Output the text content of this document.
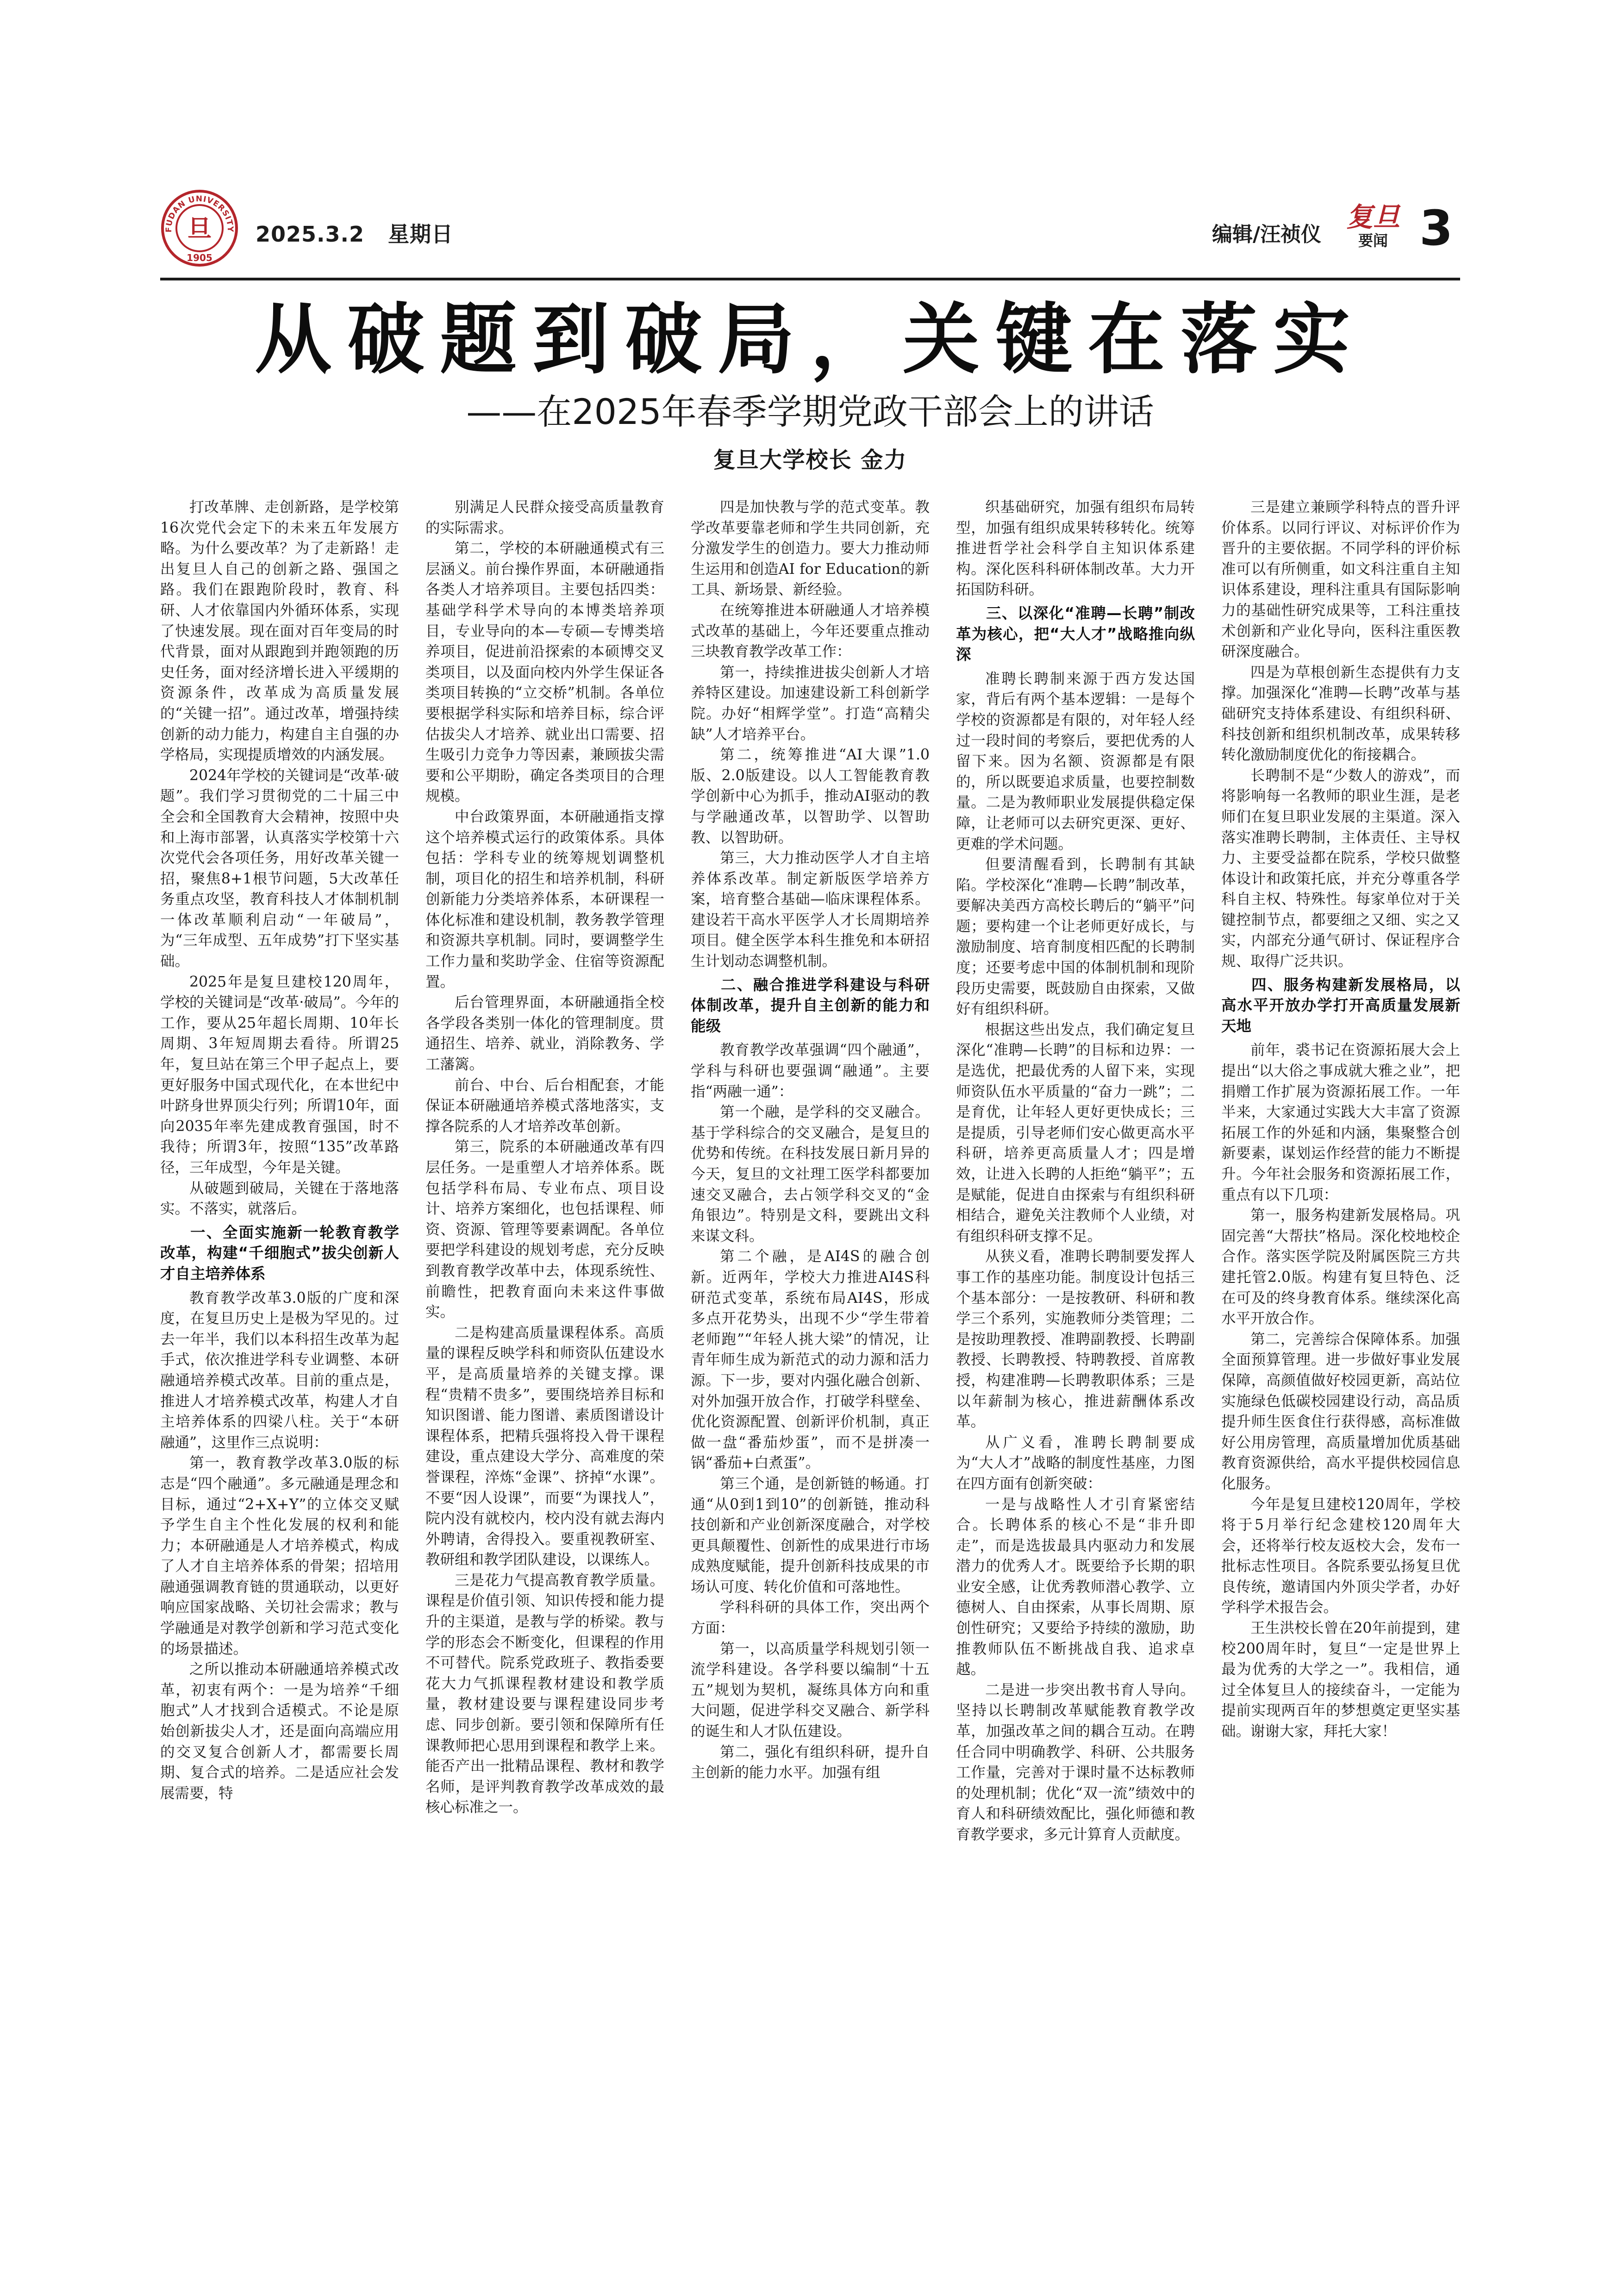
FUDAN UNIVERSITY
旦
1905
2025.3.2 星期日	编辑/汪祯仪
复旦
要闻 3
从破题到破局，关键在落实
——在2025年春季学期党政干部会上的讲话
复旦大学校长 金力

打改革牌、走创新路，是学校第16次党代会定下的未来五年发展方略。为什么要改革？为了走新路！走出复旦人自己的创新之路、强国之路。我们在跟跑阶段时，教育、科研、人才依靠国内外循环体系，实现了快速发展。现在面对百年变局的时代背景，面对从跟跑到并跑领跑的历史任务，面对经济增长进入平缓期的资源条件，改革成为高质量发展的“关键一招”。通过改革，增强持续创新的动力能力，构建自主自强的办学格局，实现提质增效的内涵发展。

2024年学校的关键词是“改革·破题”。我们学习贯彻党的二十届三中全会和全国教育大会精神，按照中央和上海市部署，认真落实学校第十六次党代会各项任务，用好改革关键一招，聚焦8+1根节问题，5大改革任务重点攻坚，教育科技人才体制机制一体改革顺利启动“一年破局”，为“三年成型、五年成势”打下坚实基础。

2025年是复旦建校120周年，学校的关键词是“改革·破局”。今年的工作，要从25年超长周期、10年长周期、3年短周期去看待。所谓25年，复旦站在第三个甲子起点上，要更好服务中国式现代化，在本世纪中叶跻身世界顶尖行列；所谓10年，面向2035年率先建成教育强国，时不我待；所谓3年，按照“135”改革路径，三年成型，今年是关键。

从破题到破局，关键在于落地落实。不落实，就落后。

一、全面实施新一轮教育教学改革，构建“千细胞式”拔尖创新人才自主培养体系

教育教学改革3.0版的广度和深度，在复旦历史上是极为罕见的。过去一年半，我们以本科招生改革为起手式，依次推进学科专业调整、本研融通培养模式改革。目前的重点是，推进人才培养模式改革，构建人才自主培养体系的四梁八柱。关于“本研融通”，这里作三点说明：

第一，教育教学改革3.0版的标志是“四个融通”。多元融通是理念和目标，通过“2+X+Y”的立体交叉赋予学生自主个性化发展的权利和能力；本研融通是人才培养模式，构成了人才自主培养体系的骨架；招培用融通强调教育链的贯通联动，以更好响应国家战略、关切社会需求；教与学融通是对教学创新和学习范式变化的场景描述。

之所以推动本研融通培养模式改革，初衷有两个：一是为培养“千细胞式”人才找到合适模式。不论是原始创新拔尖人才，还是面向高端应用的交叉复合创新人才，都需要长周期、复合式的培养。二是适应社会发展需要，特

别满足人民群众接受高质量教育的实际需求。

第二，学校的本研融通模式有三层涵义。前台操作界面，本研融通指各类人才培养项目。主要包括四类：基础学科学术导向的本博类培养项目，专业导向的本—专硕—专博类培养项目，促进前沿探索的本硕博交叉类项目，以及面向校内外学生保证各类项目转换的“立交桥”机制。各单位要根据学科实际和培养目标，综合评估拔尖人才培养、就业出口需要、招生吸引力竞争力等因素，兼顾拔尖需要和公平期盼，确定各类项目的合理规模。

中台政策界面，本研融通指支撑这个培养模式运行的政策体系。具体包括：学科专业的统筹规划调整机制，项目化的招生和培养机制，科研创新能力分类培养体系，本研课程一体化标准和建设机制，教务教学管理和资源共享机制。同时，要调整学生工作力量和奖助学金、住宿等资源配置。

后台管理界面，本研融通指全校各学段各类别一体化的管理制度。贯通招生、培养、就业，消除教务、学工藩篱。

前台、中台、后台相配套，才能保证本研融通培养模式落地落实，支撑各院系的人才培养改革创新。

第三，院系的本研融通改革有四层任务。一是重塑人才培养体系。既包括学科布局、专业布点、项目设计、培养方案细化，也包括课程、师资、资源、管理等要素调配。各单位要把学科建设的规划考虑，充分反映到教育教学改革中去，体现系统性、前瞻性，把教育面向未来这件事做实。

二是构建高质量课程体系。高质量的课程反映学科和师资队伍建设水平，是高质量培养的关键支撑。课程“贵精不贵多”，要围绕培养目标和知识图谱、能力图谱、素质图谱设计课程体系，把精兵强将投入骨干课程建设，重点建设大学分、高难度的荣誉课程，淬炼“金课”、挤掉“水课”。不要“因人设课”，而要“为课找人”，院内没有就校内，校内没有就去海内外聘请，舍得投入。要重视教研室、教研组和教学团队建设，以课练人。

三是花力气提高教育教学质量。课程是价值引领、知识传授和能力提升的主渠道，是教与学的桥梁。教与学的形态会不断变化，但课程的作用不可替代。院系党政班子、教指委要花大力气抓课程教材建设和教学质量，教材建设要与课程建设同步考虑、同步创新。要引领和保障所有任课教师把心思用到课程和教学上来。能否产出一批精品课程、教材和教学名师，是评判教育教学改革成效的最核心标准之一。

四是加快教与学的范式变革。教学改革要靠老师和学生共同创新，充分激发学生的创造力。要大力推动师生运用和创造AI for Education的新工具、新场景、新经验。

在统筹推进本研融通人才培养模式改革的基础上，今年还要重点推动三块教育教学改革工作：

第一，持续推进拔尖创新人才培养特区建设。加速建设新工科创新学院。办好“相辉学堂”。打造“高精尖缺”人才培养平台。

第二，统筹推进“AI大课”1.0版、2.0版建设。以人工智能教育教学创新中心为抓手，推动AI驱动的教与学融通改革，以智助学、以智助教、以智助研。

第三，大力推动医学人才自主培养体系改革。制定新版医学培养方案，培育整合基础—临床课程体系。建设若干高水平医学人才长周期培养项目。健全医学本科生推免和本研招生计划动态调整机制。

二、融合推进学科建设与科研体制改革，提升自主创新的能力和能级

教育教学改革强调“四个融通”，学科与科研也要强调“融通”。主要指“两融一通”：

第一个融，是学科的交叉融合。基于学科综合的交叉融合，是复旦的优势和传统。在科技发展日新月异的今天，复旦的文社理工医学科都要加速交叉融合，去占领学科交叉的“金角银边”。特别是文科，要跳出文科来谋文科。

第二个融，是AI4S的融合创新。近两年，学校大力推进AI4S科研范式变革，系统布局AI4S，形成多点开花势头，出现不少“学生带着老师跑”“年轻人挑大梁”的情况，让青年师生成为新范式的动力源和活力源。下一步，要对内强化融合创新、对外加强开放合作，打破学科壁垒、优化资源配置、创新评价机制，真正做一盘“番茄炒蛋”，而不是拼凑一锅“番茄+白煮蛋”。

第三个通，是创新链的畅通。打通“从0到1到10”的创新链，推动科技创新和产业创新深度融合，对学校更具颠覆性、创新性的成果进行市场成熟度赋能，提升创新科技成果的市场认可度、转化价值和可落地性。

学科科研的具体工作，突出两个方面：

第一，以高质量学科规划引领一流学科建设。各学科要以编制“十五五”规划为契机，凝练具体方向和重大问题，促进学科交叉融合、新学科的诞生和人才队伍建设。

第二，强化有组织科研，提升自主创新的能力水平。加强有组

织基础研究，加强有组织布局转型，加强有组织成果转移转化。统筹推进哲学社会科学自主知识体系建构。深化医科科研体制改革。大力开拓国防科研。

三、以深化“准聘—长聘”制改革为核心，把“大人才”战略推向纵深

准聘长聘制来源于西方发达国家，背后有两个基本逻辑：一是每个学校的资源都是有限的，对年轻人经过一段时间的考察后，要把优秀的人留下来。因为名额、资源都是有限的，所以既要追求质量，也要控制数量。二是为教师职业发展提供稳定保障，让老师可以去研究更深、更好、更难的学术问题。

但要清醒看到，长聘制有其缺陷。学校深化“准聘—长聘”制改革，要解决美西方高校长聘后的“躺平”问题；要构建一个让老师更好成长，与激励制度、培育制度相匹配的长聘制度；还要考虑中国的体制机制和现阶段历史需要，既鼓励自由探索，又做好有组织科研。

根据这些出发点，我们确定复旦深化“准聘—长聘”的目标和边界：一是选优，把最优秀的人留下来，实现师资队伍水平质量的“奋力一跳”；二是育优，让年轻人更好更快成长；三是提质，引导老师们安心做更高水平科研，培养更高质量人才；四是增效，让进入长聘的人拒绝“躺平”；五是赋能，促进自由探索与有组织科研相结合，避免关注教师个人业绩，对有组织科研支撑不足。

从狭义看，准聘长聘制要发挥人事工作的基座功能。制度设计包括三个基本部分：一是按教研、科研和教学三个系列，实施教师分类管理；二是按助理教授、准聘副教授、长聘副教授、长聘教授、特聘教授、首席教授，构建准聘—长聘教职体系；三是以年薪制为核心，推进薪酬体系改革。

从广义看，准聘长聘制要成为“大人才”战略的制度性基座，力图在四方面有创新突破：

一是与战略性人才引育紧密结合。长聘体系的核心不是“非升即走”，而是选拔最具内驱动力和发展潜力的优秀人才。既要给予长期的职业安全感，让优秀教师潜心教学、立德树人、自由探索，从事长周期、原创性研究；又要给予持续的激励，助推教师队伍不断挑战自我、追求卓越。

二是进一步突出教书育人导向。坚持以长聘制改革赋能教育教学改革，加强改革之间的耦合互动。在聘任合同中明确教学、科研、公共服务工作量，完善对于课时量不达标教师的处理机制；优化“双一流”绩效中的育人和科研绩效配比，强化师德和教育教学要求，多元计算育人贡献度。

三是建立兼顾学科特点的晋升评价体系。以同行评议、对标评价作为晋升的主要依据。不同学科的评价标准可以有所侧重，如文科注重自主知识体系建设，理科注重具有国际影响力的基础性研究成果等，工科注重技术创新和产业化导向，医科注重医教研深度融合。

四是为草根创新生态提供有力支撑。加强深化“准聘—长聘”改革与基础研究支持体系建设、有组织科研、科技创新和组织机制改革，成果转移转化激励制度优化的衔接耦合。

长聘制不是“少数人的游戏”，而将影响每一名教师的职业生涯，是老师们在复旦职业发展的主渠道。深入落实准聘长聘制，主体责任、主导权力、主要受益都在院系，学校只做整体设计和政策托底，并充分尊重各学科自主权、特殊性。每家单位对于关键控制节点，都要细之又细、实之又实，内部充分通气研讨、保证程序合规、取得广泛共识。

四、服务构建新发展格局，以高水平开放办学打开高质量发展新天地

前年，裘书记在资源拓展大会上提出“以大俗之事成就大雅之业”，把捐赠工作扩展为资源拓展工作。一年半来，大家通过实践大大丰富了资源拓展工作的外延和内涵，集聚整合创新要素，谋划运作经营的能力不断提升。今年社会服务和资源拓展工作，重点有以下几项：

第一，服务构建新发展格局。巩固完善“大帮扶”格局。深化校地校企合作。落实医学院及附属医院三方共建托管2.0版。构建有复旦特色、泛在可及的终身教育体系。继续深化高水平开放合作。

第二，完善综合保障体系。加强全面预算管理。进一步做好事业发展保障，高颜值做好校园更新，高站位实施绿色低碳校园建设行动，高品质提升师生医食住行获得感，高标准做好公用房管理，高质量增加优质基础教育资源供给，高水平提供校园信息化服务。

今年是复旦建校120周年，学校将于5月举行纪念建校120周年大会，还将举行校友返校大会，发布一批标志性项目。各院系要弘扬复旦优良传统，邀请国内外顶尖学者，办好学科学术报告会。

王生洪校长曾在20年前提到，建校200周年时，复旦“一定是世界上最为优秀的大学之一”。我相信，通过全体复旦人的接续奋斗，一定能为提前实现两百年的梦想奠定更坚实基础。谢谢大家，拜托大家！
